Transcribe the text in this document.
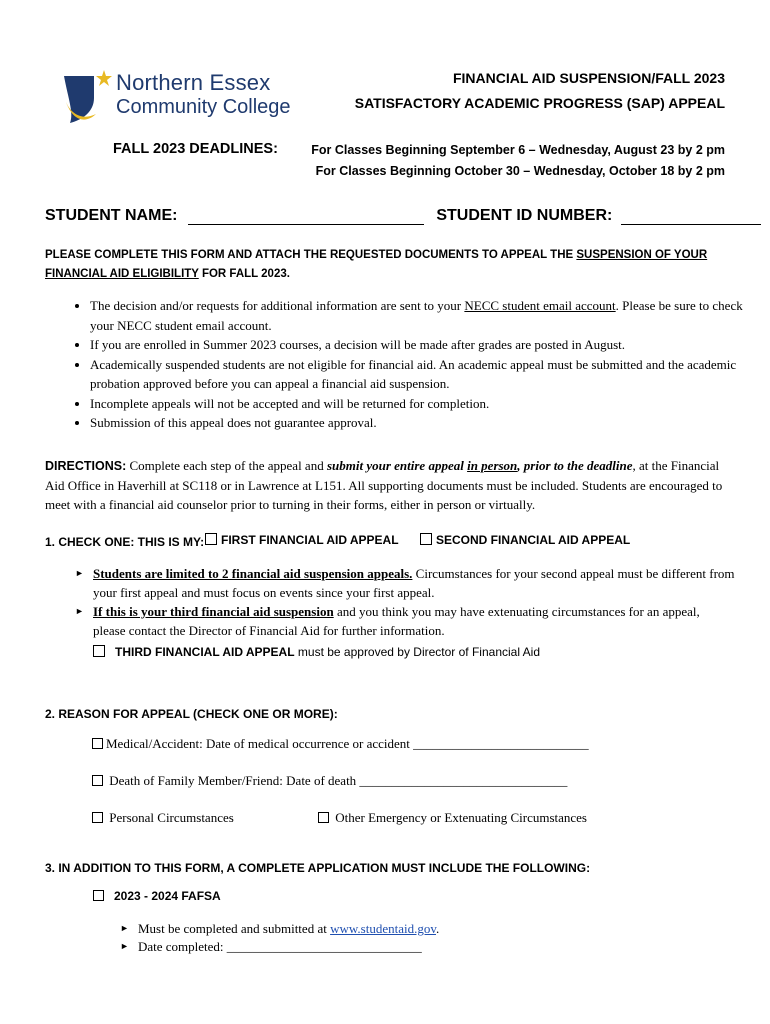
Northern Essex
Community College
FINANCIAL AID SUSPENSION/FALL 2023
SATISFACTORY ACADEMIC PROGRESS (SAP) APPEAL
FALL 2023 DEADLINES:	For Classes Beginning September 6 – Wednesday, August 23 by 2 pm
For Classes Beginning October 30 – Wednesday, October 18 by 2 pm
STUDENT NAME:	STUDENT ID NUMBER:
PLEASE COMPLETE THIS FORM AND ATTACH THE REQUESTED DOCUMENTS TO APPEAL THE SUSPENSION OF YOUR FINANCIAL AID ELIGIBILITY FOR FALL 2023.
• The decision and/or requests for additional information are sent to your NECC student email account. Please be sure to check your NECC student email account.
• If you are enrolled in Summer 2023 courses, a decision will be made after grades are posted in August.
• Academically suspended students are not eligible for financial aid. An academic appeal must be submitted and the academic probation approved before you can appeal a financial aid suspension.
• Incomplete appeals will not be accepted and will be returned for completion.
• Submission of this appeal does not guarantee approval.
DIRECTIONS: Complete each step of the appeal and submit your entire appeal in person, prior to the deadline, at the Financial Aid Office in Haverhill at SC118 or in Lawrence at L151. All supporting documents must be included. Students are encouraged to meet with a financial aid counselor prior to turning in their forms, either in person or virtually.
1. CHECK ONE: THIS IS MY:	FIRST FINANCIAL AID APPEAL	SECOND FINANCIAL AID APPEAL
► Students are limited to 2 financial aid suspension appeals. Circumstances for your second appeal must be different from your first appeal and must focus on events since your first appeal.
► If this is your third financial aid suspension and you think you may have extenuating circumstances for an appeal, please contact the Director of Financial Aid for further information.
THIRD FINANCIAL AID APPEAL must be approved by Director of Financial Aid
2. REASON FOR APPEAL (CHECK ONE OR MORE):
Medical/Accident: Date of medical occurrence or accident ___________________________
Death of Family Member/Friend: Date of death ________________________________
Personal Circumstances	Other Emergency or Extenuating Circumstances
3. IN ADDITION TO THIS FORM, A COMPLETE APPLICATION MUST INCLUDE THE FOLLOWING:
2023 - 2024 FAFSA
► Must be completed and submitted at www.studentaid.gov.
► Date completed: ______________________________
